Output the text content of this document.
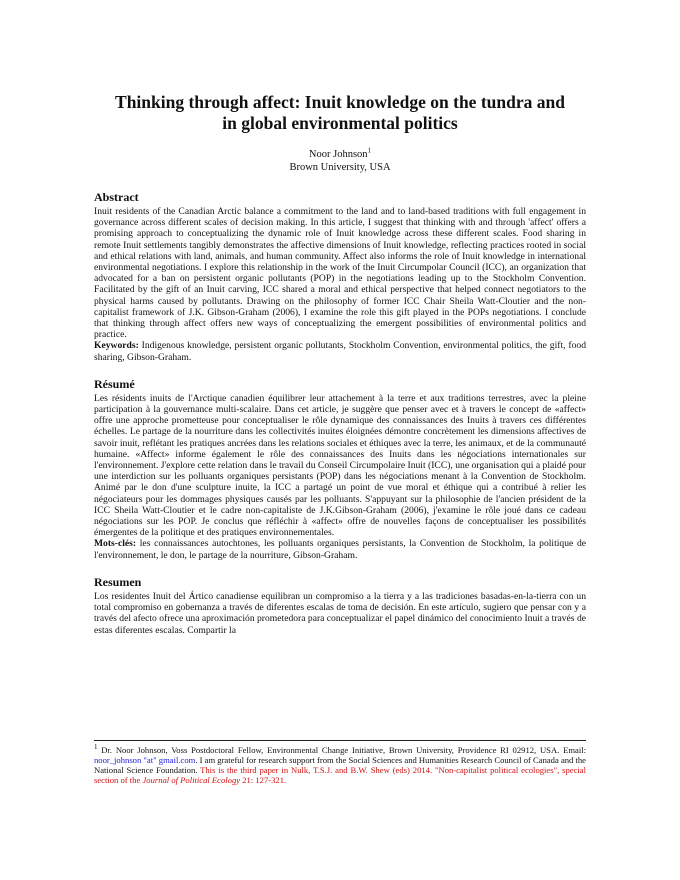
Thinking through affect: Inuit knowledge on the tundra and in global environmental politics
Noor Johnson$^1$
Brown University, USA
Abstract

Inuit residents of the Canadian Arctic balance a commitment to the land and to land-based traditions with full engagement in governance across different scales of decision making. In this article, I suggest that thinking with and through 'affect' offers a promising approach to conceptualizing the dynamic role of Inuit knowledge across these different scales. Food sharing in remote Inuit settlements tangibly demonstrates the affective dimensions of Inuit knowledge, reflecting practices rooted in social and ethical relations with land, animals, and human community. Affect also informs the role of Inuit knowledge in international environmental negotiations. I explore this relationship in the work of the Inuit Circumpolar Council (ICC), an organization that advocated for a ban on persistent organic pollutants (POP) in the negotiations leading up to the Stockholm Convention. Facilitated by the gift of an Inuit carving, ICC shared a moral and ethical perspective that helped connect negotiators to the physical harms caused by pollutants. Drawing on the philosophy of former ICC Chair Sheila Watt-Cloutier and the non-capitalist framework of J.K. Gibson-Graham (2006), I examine the role this gift played in the POPs negotiations. I conclude that thinking through affect offers new ways of conceptualizing the emergent possibilities of environmental politics and practice.

Keywords: Indigenous knowledge, persistent organic pollutants, Stockholm Convention, environmental politics, the gift, food sharing, Gibson-Graham.

Résumé

Les résidents inuits de l'Arctique canadien équilibrer leur attachement à la terre et aux traditions terrestres, avec la pleine participation à la gouvernance multi-scalaire. Dans cet article, je suggère que penser avec et à travers le concept de «affect» offre une approche prometteuse pour conceptualiser le rôle dynamique des connaissances des Inuits à travers ces différentes échelles. Le partage de la nourriture dans les collectivités inuites éloignées démontre concrètement les dimensions affectives de savoir inuit, reflétant les pratiques ancrées dans les relations sociales et éthiques avec la terre, les animaux, et de la communauté humaine. «Affect» informe également le rôle des connaissances des Inuits dans les négociations internationales sur l'environnement. J'explore cette relation dans le travail du Conseil Circumpolaire Inuit (ICC), une organisation qui a plaidé pour une interdiction sur les polluants organiques persistants (POP) dans les négociations menant à la Convention de Stockholm. Animé par le don d'une sculpture inuite, la ICC a partagé un point de vue moral et éthique qui a contribué à relier les négociateurs pour les dommages physiques causés par les polluants. S'appuyant sur la philosophie de l'ancien président de la ICC Sheila Watt-Cloutier et le cadre non-capitaliste de J.K.Gibson-Graham (2006), j'examine le rôle joué dans ce cadeau négociations sur les POP. Je conclus que réfléchir à «affect» offre de nouvelles façons de conceptualiser les possibilités émergentes de la politique et des pratiques environnementales.

Mots-clés: les connaissances autochtones, les polluants organiques persistants, la Convention de Stockholm, la politique de l'environnement, le don, le partage de la nourriture, Gibson-Graham.

Resumen

Los residentes Inuit del Ártico canadiense equilibran un compromiso a la tierra y a las tradiciones basadas-en-la-tierra con un total compromiso en gobernanza a través de diferentes escalas de toma de decisión. En este artículo, sugiero que pensar con y a través del afecto ofrece una aproximación prometedora para conceptualizar el papel dinámico del conocimiento Inuit a través de estas diferentes escalas. Compartir la

$^1$ Dr. Noor Johnson, Voss Postdoctoral Fellow, Environmental Change Initiative, Brown University, Providence RI 02912, USA. Email: noor_johnson "at" gmail.com. I am grateful for research support from the Social Sciences and Humanities Research Council of Canada and the National Science Foundation. This is the third paper in Nulk, T.S.J. and B.W. Shew (eds) 2014. "Non-capitalist political ecologies", special section of the Journal of Political Ecology 21: 127-321.
